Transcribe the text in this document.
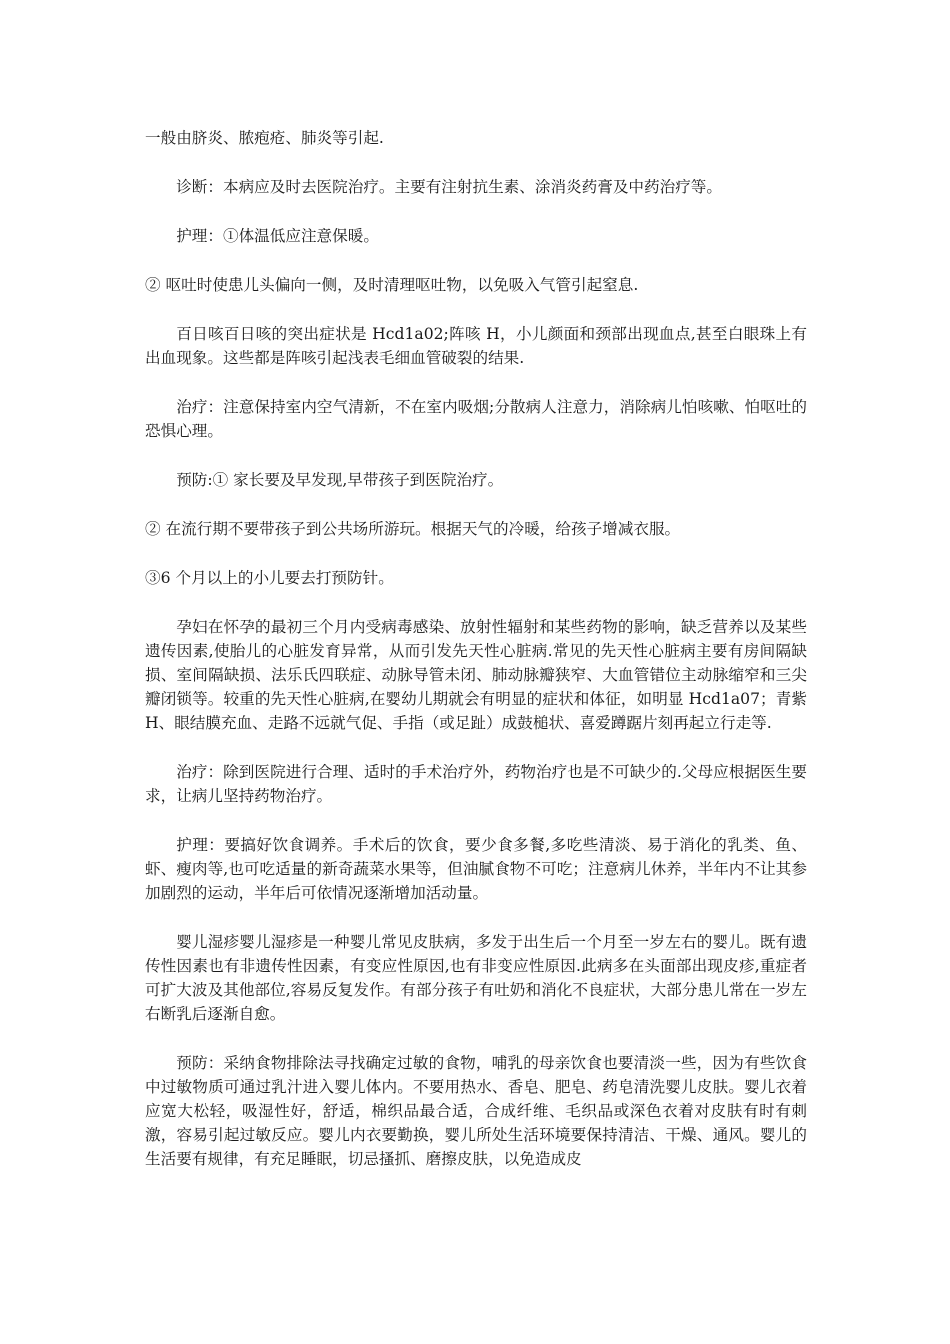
一般由脐炎、脓疱疮、肺炎等引起.

诊断：本病应及时去医院治疗。主要有注射抗生素、涂消炎药膏及中药治疗等。

护理：①体温低应注意保暖。

② 呕吐时使患儿头偏向一侧，及时清理呕吐物，以免吸入气管引起窒息.

百日咳百日咳的突出症状是 Hcd1a02;阵咳 H，小儿颜面和颈部出现血点,甚至白眼珠上有出血现象。这些都是阵咳引起浅表毛细血管破裂的结果.

治疗：注意保持室内空气清新，不在室内吸烟;分散病人注意力，消除病儿怕咳嗽、怕呕吐的恐惧心理。

预防:① 家长要及早发现,早带孩子到医院治疗。

② 在流行期不要带孩子到公共场所游玩。根据天气的冷暖，给孩子增减衣服。

③6 个月以上的小儿要去打预防针。

孕妇在怀孕的最初三个月内受病毒感染、放射性辐射和某些药物的影响，缺乏营养以及某些遗传因素,使胎儿的心脏发育异常，从而引发先天性心脏病.常见的先天性心脏病主要有房间隔缺损、室间隔缺损、法乐氏四联症、动脉导管未闭、肺动脉瓣狭窄、大血管错位主动脉缩窄和三尖瓣闭锁等。较重的先天性心脏病,在婴幼儿期就会有明显的症状和体征，如明显 Hcd1a07；青紫 H、眼结膜充血、走路不远就气促、手指（或足趾）成鼓槌状、喜爱蹲踞片刻再起立行走等.

治疗：除到医院进行合理、适时的手术治疗外，药物治疗也是不可缺少的.父母应根据医生要求，让病儿坚持药物治疗。

护理：要搞好饮食调养。手术后的饮食，要少食多餐,多吃些清淡、易于消化的乳类、鱼、虾、瘦肉等,也可吃适量的新奇蔬菜水果等，但油腻食物不可吃；注意病儿休养，半年内不让其参加剧烈的运动，半年后可依情况逐渐增加活动量。

婴儿湿疹婴儿湿疹是一种婴儿常见皮肤病，多发于出生后一个月至一岁左右的婴儿。既有遗传性因素也有非遗传性因素，有变应性原因,也有非变应性原因.此病多在头面部出现皮疹,重症者可扩大波及其他部位,容易反复发作。有部分孩子有吐奶和消化不良症状，大部分患儿常在一岁左右断乳后逐渐自愈。

预防：采纳食物排除法寻找确定过敏的食物，哺乳的母亲饮食也要清淡一些，因为有些饮食中过敏物质可通过乳汁进入婴儿体内。不要用热水、香皂、肥皂、药皂清洗婴儿皮肤。婴儿衣着应宽大松轻，吸湿性好，舒适，棉织品最合适，合成纤维、毛织品或深色衣着对皮肤有时有刺激，容易引起过敏反应。婴儿内衣要勤换，婴儿所处生活环境要保持清洁、干燥、通风。婴儿的生活要有规律，有充足睡眠，切忌搔抓、磨擦皮肤，以免造成皮
